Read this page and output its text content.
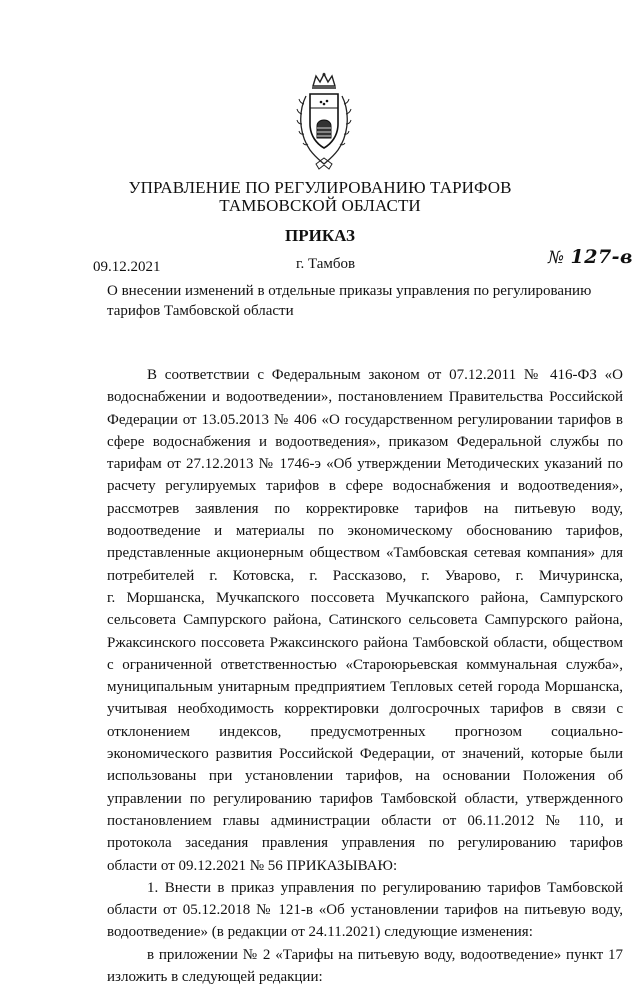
УПРАВЛЕНИЕ ПО РЕГУЛИРОВАНИЮ ТАРИФОВ
ТАМБОВСКОЙ ОБЛАСТИ
ПРИКАЗ
09.12.2021	г. Тамбов	№ 127-в
О внесении изменений в отдельные приказы управления по регулированию
тарифов Тамбовской области
В соответствии с Федеральным законом от 07.12.2011 № 416-ФЗ «О
водоснабжении и водоотведении», постановлением Правительства Российской
Федерации от 13.05.2013 № 406 «О государственном регулировании тарифов в
сфере водоснабжения и водоотведения», приказом Федеральной службы по
тарифам от 27.12.2013 № 1746-э «Об утверждении Методических указаний по
расчету регулируемых тарифов в сфере водоснабжения и водоотведения»,
рассмотрев заявления по корректировке тарифов на питьевую воду,
водоотведение и материалы по экономическому обоснованию тарифов,
представленные акционерным обществом «Тамбовская сетевая компания» для
потребителей г. Котовска, г. Рассказово, г. Уварово, г. Мичуринска,
г. Моршанска, Мучкапского поссовета Мучкапского района, Сампурского
сельсовета Сампурского района, Сатинского сельсовета Сампурского района,
Ржаксинского поссовета Ржаксинского района Тамбовской области, обществом
с ограниченной ответственностью «Староюрьевская коммунальная служба»,
муниципальным унитарным предприятием Тепловых сетей города Моршанска,
учитывая необходимость корректировки долгосрочных тарифов в связи с
отклонением индексов, предусмотренных прогнозом социально-
экономического развития Российской Федерации, от значений, которые были
использованы при установлении тарифов, на основании Положения об
управлении по регулированию тарифов Тамбовской области, утвержденного
постановлением главы администрации области от 06.11.2012 № 110, и
протокола заседания правления управления по регулированию тарифов
области от 09.12.2021 № 56 ПРИКАЗЫВАЮ:
1. Внести в приказ управления по регулированию тарифов Тамбовской
области от 05.12.2018 № 121-в «Об установлении тарифов на питьевую воду,
водоотведение» (в редакции от 24.11.2021) следующие изменения:
в приложении № 2 «Тарифы на питьевую воду, водоотведение» пункт 17
изложить в следующей редакции:
